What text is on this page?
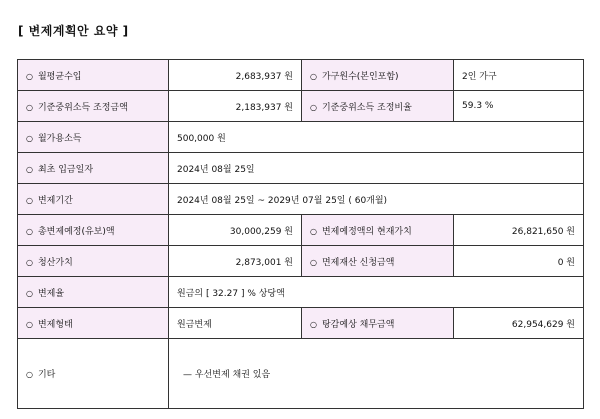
[ 변제계획안 요약 ]
○ 월평균수입	2,683,937 원	○ 가구원수(본인포함)	2인 가구
○ 기준중위소득 조정금액	2,183,937 원	○ 기준중위소득 조정비율	59.3 %
○ 월가용소득	500,000 원		
○ 최초 입금일자	2024년 08월 25일		
○ 변제기간	2024년 08월 25일 ~ 2029년 07월 25일 ( 60개월)		
○ 총변제예정(유보)액	30,000,259 원	○ 변제예정액의 현재가치	26,821,650 원
○ 청산가치	2,873,001 원	○ 면제재산 신청금액	0 원
○ 변제율	원금의 [ 32.27 ] % 상당액		
○ 변제형태	원금변제	○ 탕감예상 채무금액	62,954,629 원
○ 기타	— 우선변제 채권 있음		
